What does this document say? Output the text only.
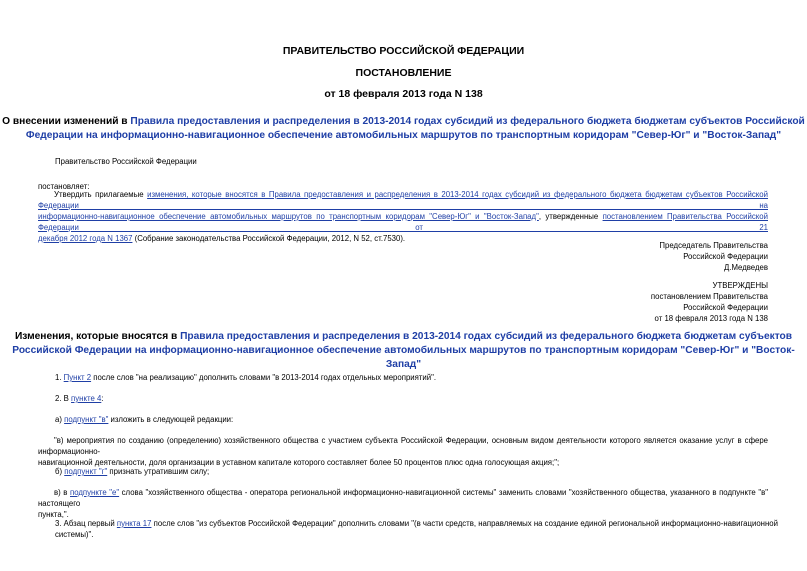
ПРАВИТЕЛЬСТВО РОССИЙСКОЙ ФЕДЕРАЦИИ
ПОСТАНОВЛЕНИЕ
от 18 февраля 2013 года N 138
О внесении изменений в Правила предоставления и распределения в 2013-2014 годах субсидий из федерального бюджета бюджетам субъектов Российской
Федерации на информационно-навигационное обеспечение автомобильных маршрутов по транспортным коридорам "Север-Юг" и "Восток-Запад"
Правительство Российской Федерации
постановляет:
Утвердить прилагаемые изменения, которые вносятся в Правила предоставления и распределения в 2013-2014 годах субсидий из федерального бюджета бюджетам субъектов Российской Федерации на
информационно-навигационное обеспечение автомобильных маршрутов по транспортным коридорам "Север-Юг" и "Восток-Запад", утвержденные постановлением Правительства Российской Федерации от 21
декабря 2012 года N 1367 (Собрание законодательства Российской Федерации, 2012, N 52, ст.7530).
Председатель Правительства
Российской Федерации
Д.Медведев
УТВЕРЖДЕНЫ
постановлением Правительства
Российской Федерации
от 18 февраля 2013 года N 138
Изменения, которые вносятся в Правила предоставления и распределения в 2013-2014 годах субсидий из федерального бюджета бюджетам субъектов
Российской Федерации на информационно-навигационное обеспечение автомобильных маршрутов по транспортным коридорам "Север-Юг" и "Восток-Запад"
1. Пункт 2 после слов "на реализацию" дополнить словами "в 2013-2014 годах отдельных мероприятий".
2. В пункте 4:
а) подпункт "в" изложить в следующей редакции:
"в) мероприятия по созданию (определению) хозяйственного общества с участием субъекта Российской Федерации, основным видом деятельности которого является оказание услуг в сфере информационно-
навигационной деятельности, доля организации в уставном капитале которого составляет более 50 процентов плюс одна голосующая акция;";
б) подпункт "г" признать утратившим силу;
в) в подпункте "е" слова "хозяйственного общества - оператора региональной информационно-навигационной системы" заменить словами "хозяйственного общества, указанного в подпункте "в" настоящего
пункта,".
3. Абзац первый пункта 17 после слов "из субъектов Российской Федерации" дополнить словами "(в части средств, направляемых на создание единой региональной информационно-навигационной системы)".
